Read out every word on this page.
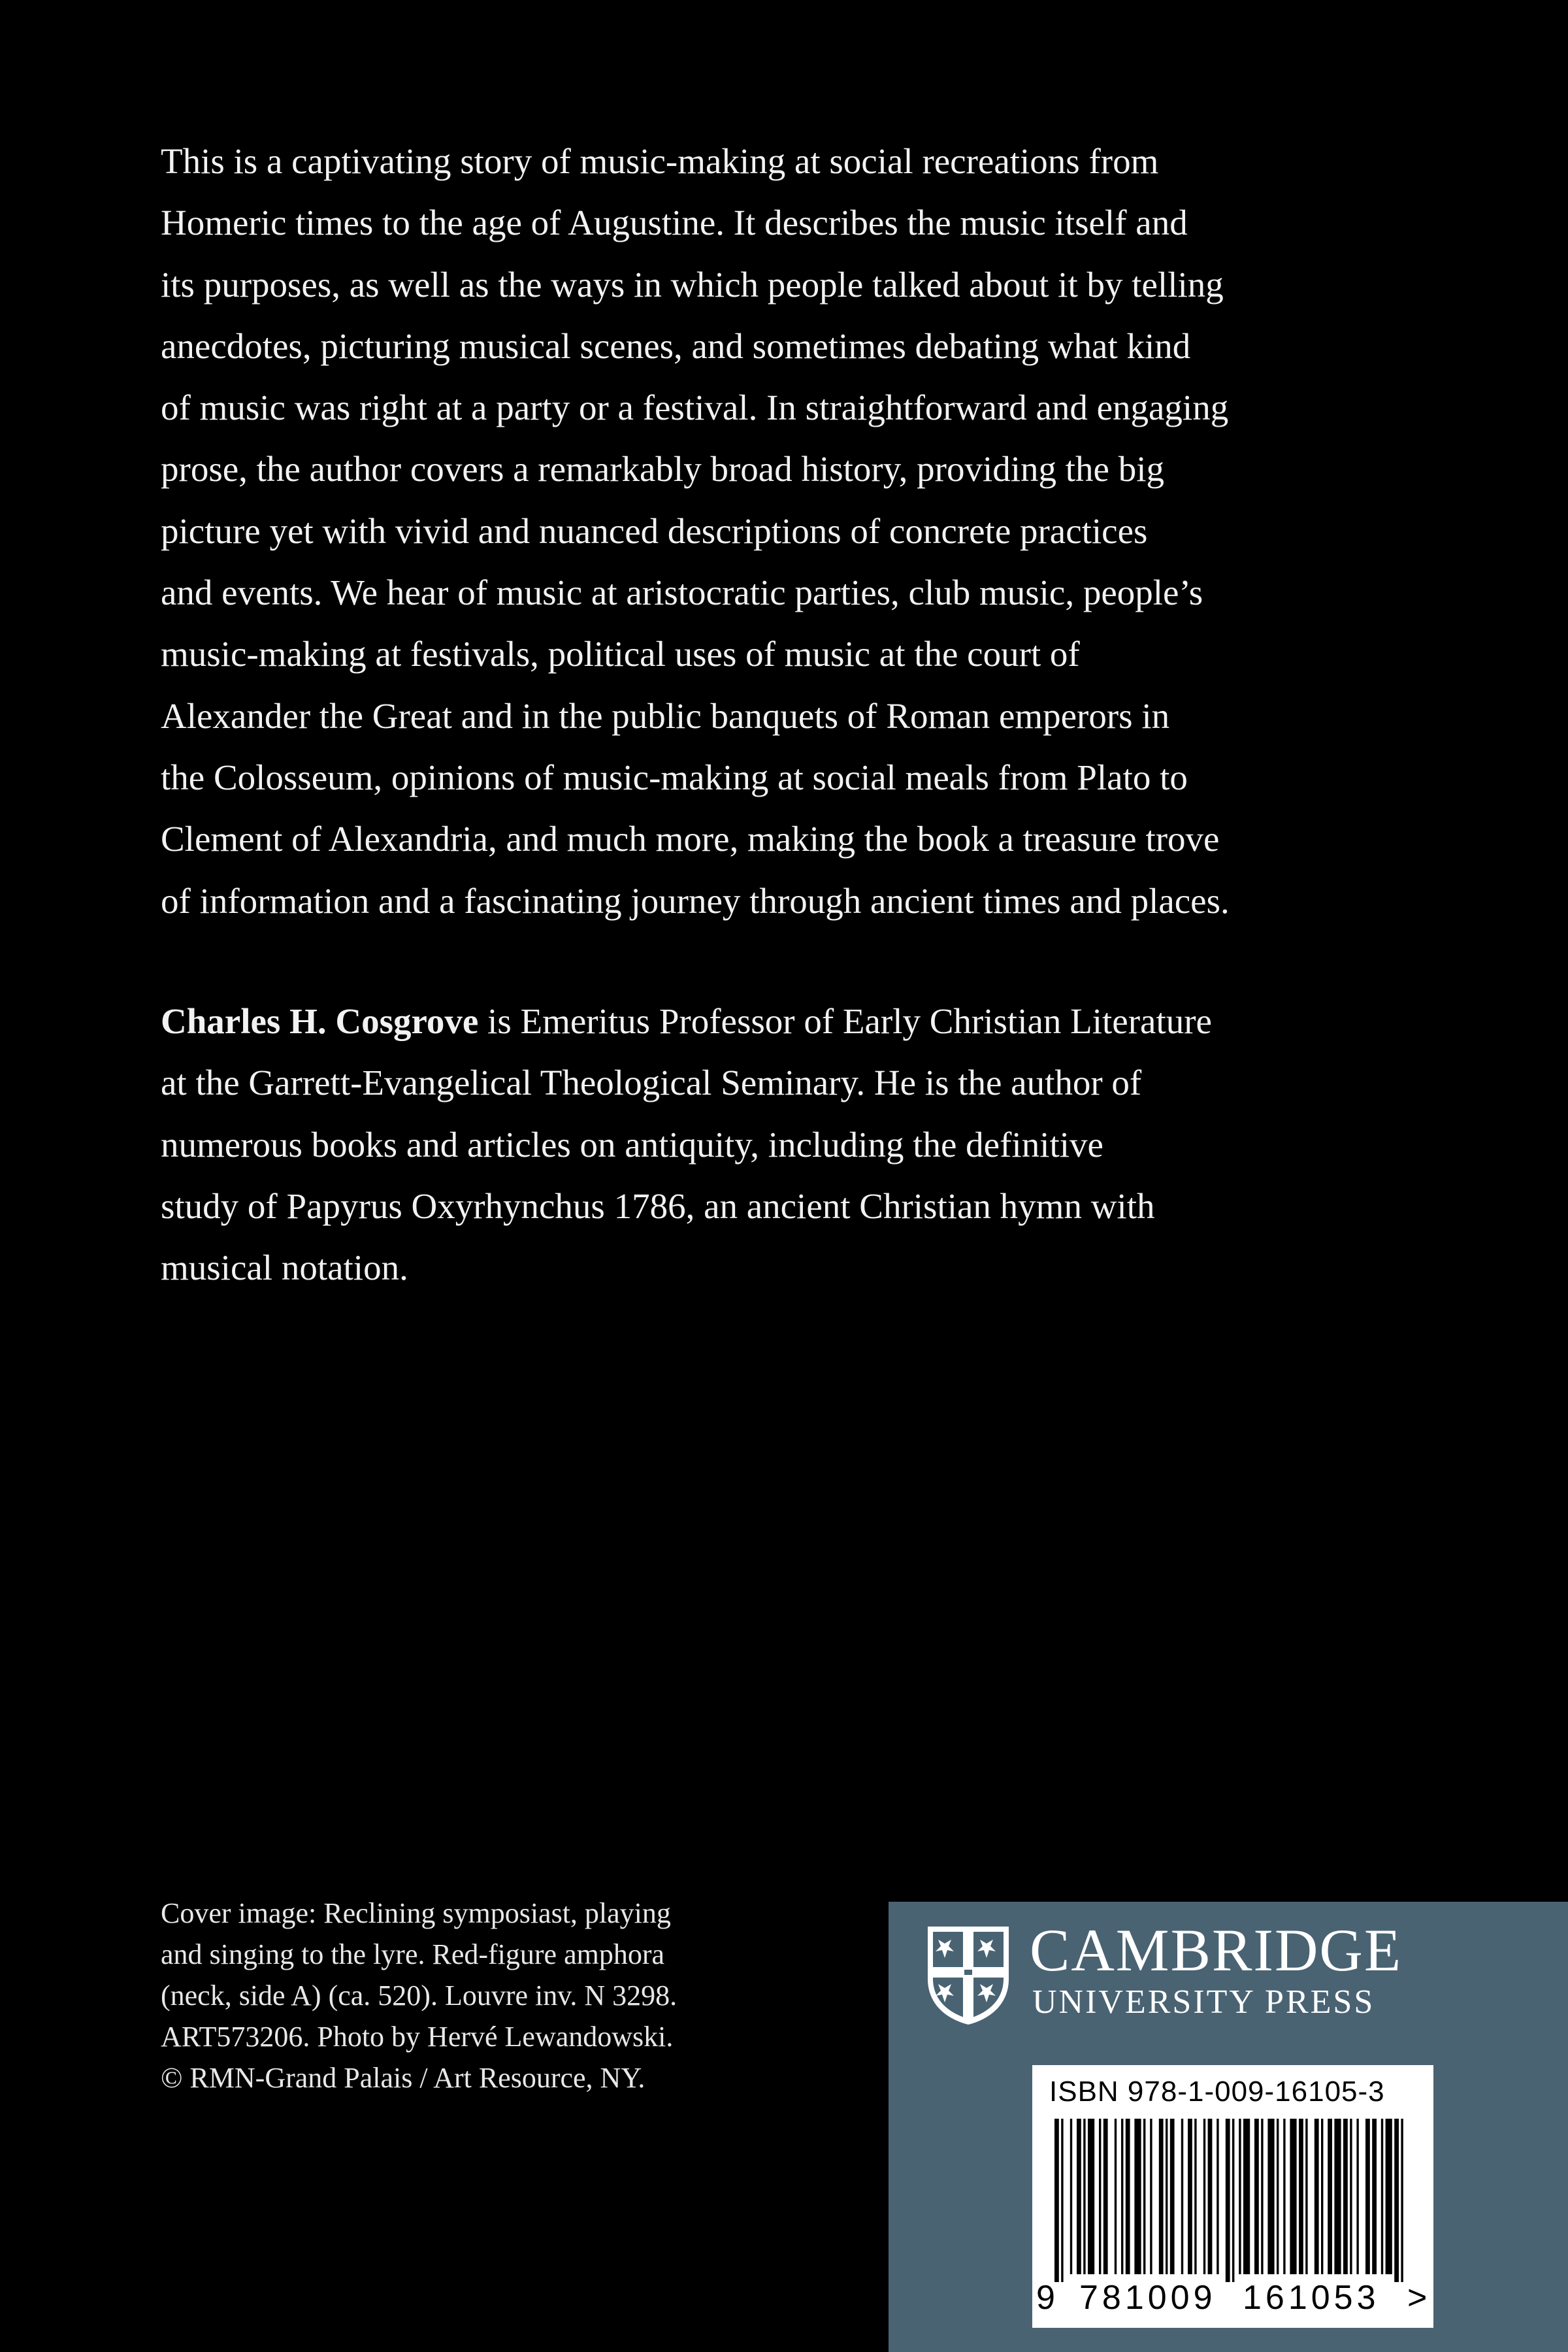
This is a captivating story of music-making at social recreations from
Homeric times to the age of Augustine. It describes the music itself and
its purposes, as well as the ways in which people talked about it by telling
anecdotes, picturing musical scenes, and sometimes debating what kind
of music was right at a party or a festival. In straightforward and engaging
prose, the author covers a remarkably broad history, providing the big
picture yet with vivid and nuanced descriptions of concrete practices
and events. We hear of music at aristocratic parties, club music, people’s
music-making at festivals, political uses of music at the court of
Alexander the Great and in the public banquets of Roman emperors in
the Colosseum, opinions of music-making at social meals from Plato to
Clement of Alexandria, and much more, making the book a treasure trove
of information and a fascinating journey through ancient times and places.
Charles H. Cosgrove is Emeritus Professor of Early Christian Literature
at the Garrett-Evangelical Theological Seminary. He is the author of
numerous books and articles on antiquity, including the definitive
study of Papyrus Oxyrhynchus 1786, an ancient Christian hymn with
musical notation.
Cover image: Reclining symposiast, playing
and singing to the lyre. Red-figure amphora
(neck, side A) (ca. 520). Louvre inv. N 3298.
ART573206. Photo by Hervé Lewandowski.
© RMN-Grand Palais / Art Resource, NY.
CAMBRIDGE
UNIVERSITY PRESS
ISBN 978-1-009-16105-3
9 781009 161053 >
